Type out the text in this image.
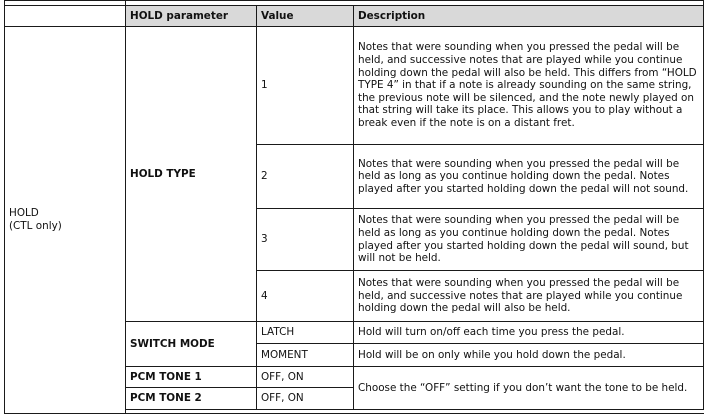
	HOLD parameter	Value	Description

HOLD
(CTL only)	HOLD TYPE	1	Notes that were sounding when you pressed the pedal will be held, and successive notes that are played while you continue holding down the pedal will also be held. This differs from “HOLD TYPE 4” in that if a note is already sounding on the same string, the previous note will be silenced, and the note newly played on that string will take its place. This allows you to play without a break even if the note is on a distant fret.
		2	Notes that were sounding when you pressed the pedal will be held as long as you continue holding down the pedal. Notes played after you started holding down the pedal will not sound.
		3	Notes that were sounding when you pressed the pedal will be held as long as you continue holding down the pedal. Notes played after you started holding down the pedal will sound, but will not be held.
		4	Notes that were sounding when you pressed the pedal will be held, and successive notes that are played while you continue holding down the pedal will also be held.
	SWITCH MODE	LATCH	Hold will turn on/off each time you press the pedal.
		MOMENT	Hold will be on only while you hold down the pedal.
	PCM TONE 1	OFF, ON	Choose the “OFF” setting if you don’t want the tone to be held.
	PCM TONE 2	OFF, ON	
